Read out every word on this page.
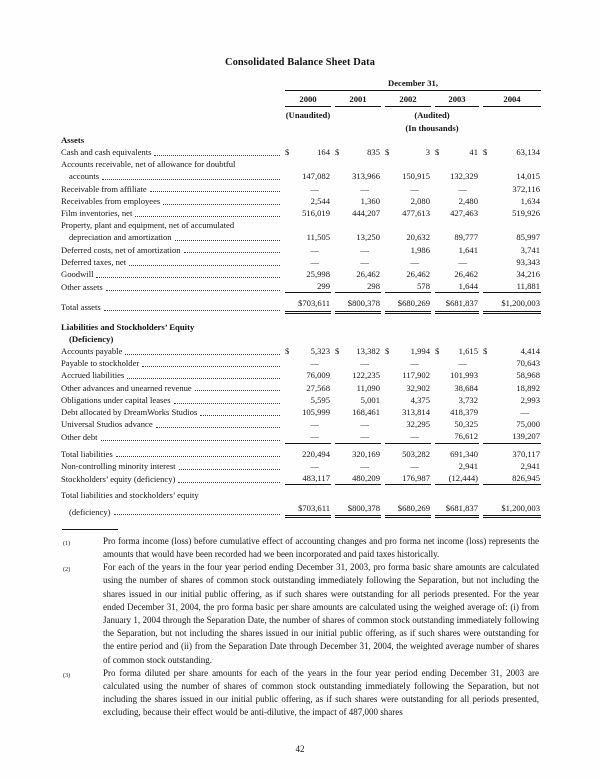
Consolidated Balance Sheet Data
December 31,
2000	2001	2002	2003	2004
(Unaudited)	(Audited)
(In thousands)
Assets
Cash and cash equivalents	$	164 $	835 $	3 $	41 $	63,134
Accounts receivable, net of allowance for doubtful
accounts	147,082	313,966	150,915	132,329	14,015
Receivable from affiliate	—	—	—	—	372,116
Receivables from employees	2,544	1,360	2,080	2,480	1,634
Film inventories, net	516,019	444,207	477,613	427,463	519,926
Property, plant and equipment, net of accumulated
depreciation and amortization	11,505	13,250	20,632	89,777	85,997
Deferred costs, net of amortization	—	—	1,986	1,641	3,741
Deferred taxes, net	—	—	—	—	93,343
Goodwill	25,998	26,462	26,462	26,462	34,216
Other assets	299	298	578	1,644	11,881
Total assets	$703,611	$800,378	$680,269	$681,837	$1,200,003
Liabilities and Stockholders’ Equity
(Deficiency)
Accounts payable	$ 5,323 $ 13,382 $ 1,994 $ 1,615 $	4,414
Payable to stockholder	—	—	—	—	70,643
Accrued liabilities	76,009	122,235	117,902	101,993	58,968
Other advances and unearned revenue	27,568	11,090	32,902	38,684	18,892
Obligations under capital leases	5,595	5,001	4,375	3,732	2,993
Debt allocated by DreamWorks Studios	105,999	168,461	313,814	418,379	—
Universal Studios advance	—	—	32,295	50,325	75,000
Other debt	—	—	—	76,612	139,207
Total liabilities	220,494	320,169	503,282	691,340	370,117
Non-controlling minority interest	—	—	—	2,941	2,941
Stockholders’ equity (deficiency)	483,117	480,209	176,987	(12,444)	826,945
Total liabilities and stockholders’ equity
(deficiency)	$703,611	$800,378	$680,269	$681,837	$1,200,003
(1)	Pro forma income (loss) before cumulative effect of accounting changes and pro forma net income (loss) represents the amounts that would have been recorded had we been incorporated and paid taxes historically.
(2)	For each of the years in the four year period ending December 31, 2003, pro forma basic share amounts are calculated using the number of shares of common stock outstanding immediately following the Separation, but not including the shares issued in our initial public offering, as if such shares were outstanding for all periods presented. For the year ended December 31, 2004, the pro forma basic per share amounts are calculated using the weighed average of: (i) from January 1, 2004 through the Separation Date, the number of shares of common stock outstanding immediately following the Separation, but not including the shares issued in our initial public offering, as if such shares were outstanding for the entire period and (ii) from the Separation Date through December 31, 2004, the weighted average number of shares of common stock outstanding.
(3)	Pro forma diluted per share amounts for each of the years in the four year period ending December 31, 2003 are calculated using the number of shares of common stock outstanding immediately following the Separation, but not including the shares issued in our initial public offering, as if such shares were outstanding for all periods presented, excluding, because their effect would be anti-dilutive, the impact of 487,000 shares
42
